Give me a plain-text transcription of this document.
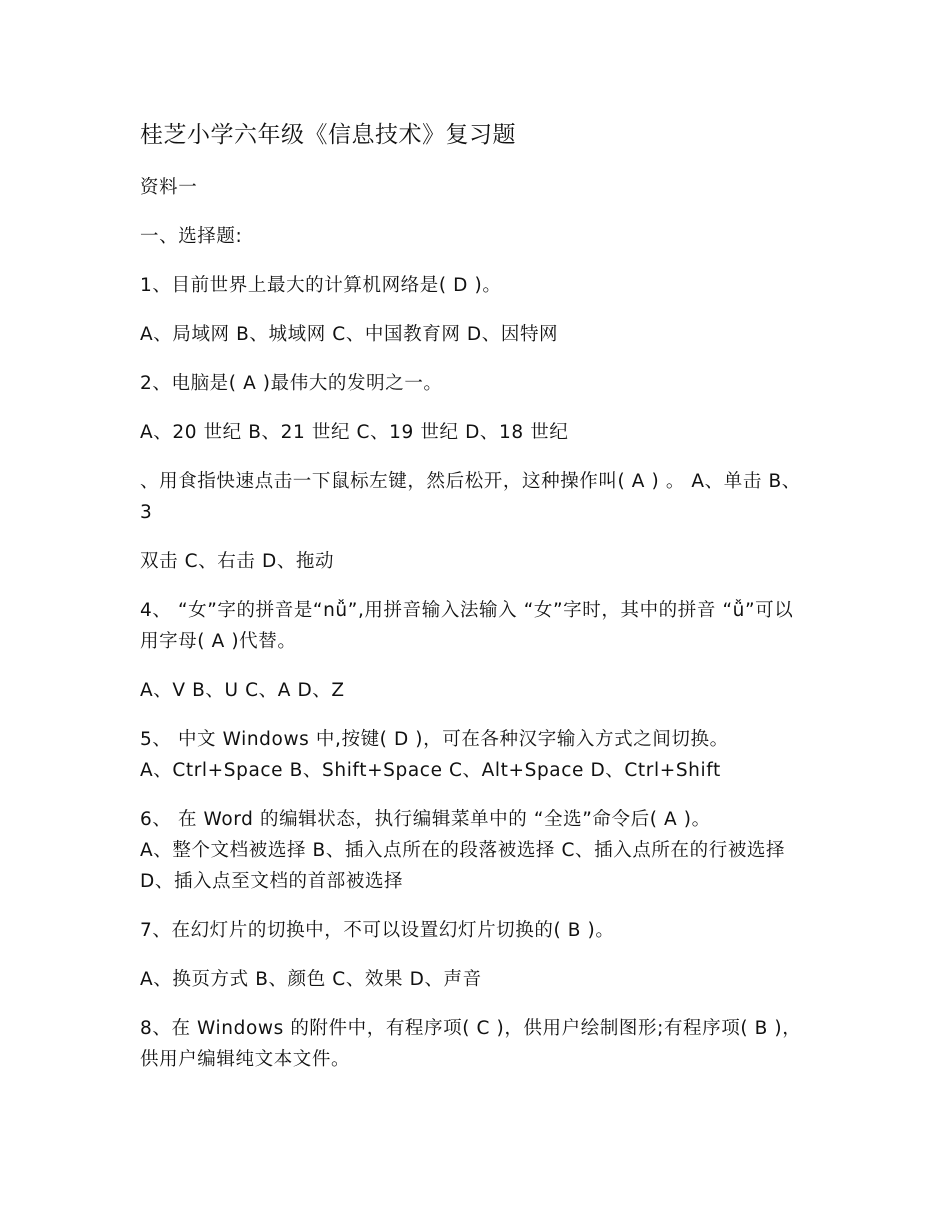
桂芝小学六年级《信息技术》复习题

资料一

一、选择题:

1、目前世界上最大的计算机网络是( D )。

A、局域网 B、城域网 C、中国教育网 D、因特网

2、电脑是( A )最伟大的发明之一。

A、20 世纪 B、21 世纪 C、19 世纪 D、18 世纪

、用食指快速点击一下鼠标左键，然后松开，这种操作叫( A ) 。 A、单击 B、3

双击 C、右击 D、拖动

4、 “女”字的拼音是“nǚ”,用拼音输入法输入 “女”字时，其中的拼音 “ǚ”可以用字母( A )代替。

A、V B、U C、A D、Z

5、 中文 Windows 中,按键( D )，可在各种汉字输入方式之间切换。

A、Ctrl+Space B、Shift+Space C、Alt+Space D、Ctrl+Shift

6、 在 Word 的编辑状态，执行编辑菜单中的 “全选”命令后( A )。

A、整个文档被选择 B、插入点所在的段落被选择 C、插入点所在的行被选择 D、插入点至文档的首部被选择

7、在幻灯片的切换中，不可以设置幻灯片切换的( B )。

A、换页方式 B、颜色 C、效果 D、声音

8、在 Windows 的附件中，有程序项( C )，供用户绘制图形;有程序项( B )，供用户编辑纯文本文件。
